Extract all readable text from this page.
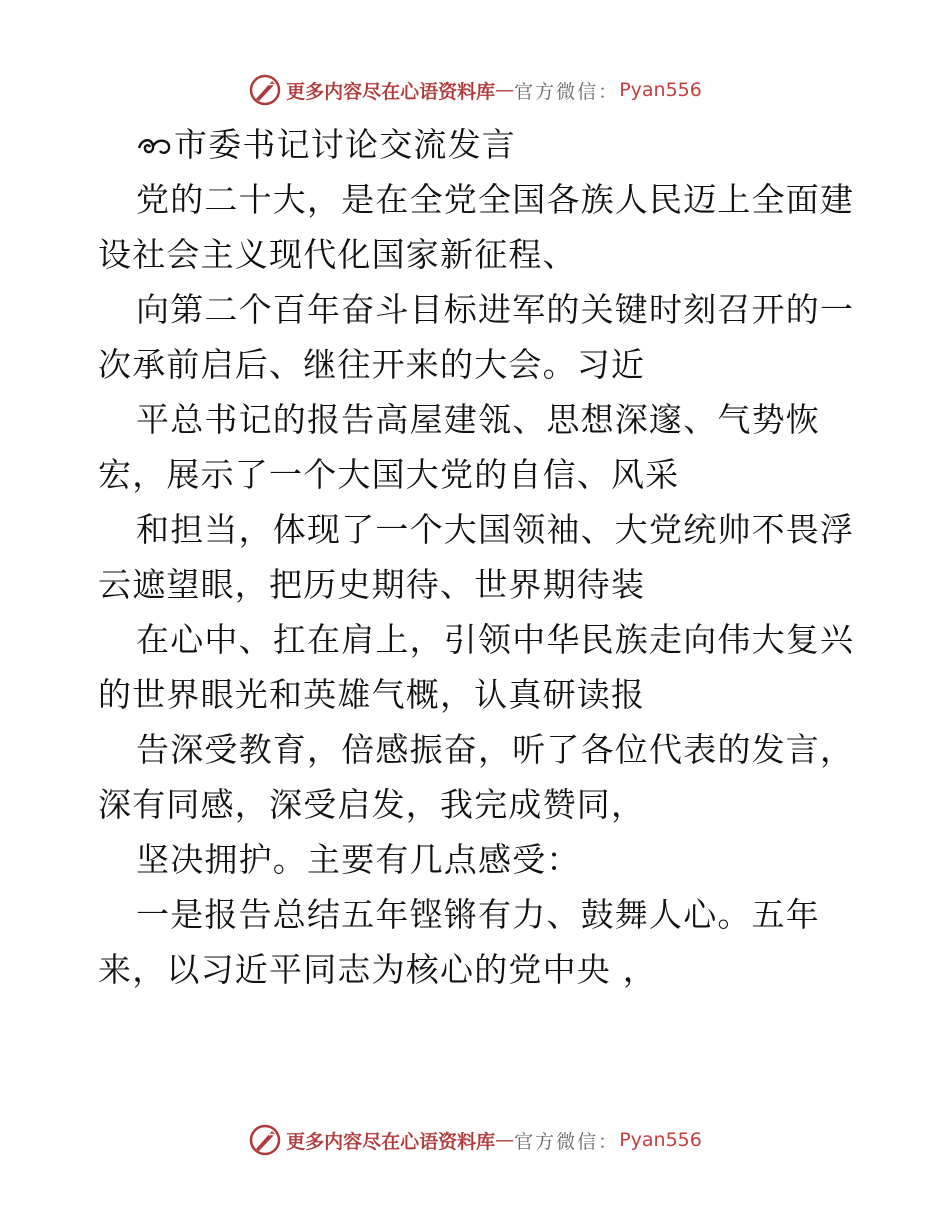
更多内容尽在心语资料库 — 官方微信： Pyan556
市委书记讨论交流发言
党的二十大，是在全党全国各族人民迈上全面建
设社会主义现代化国家新征程、
向第二个百年奋斗目标进军的关键时刻召开的一
次承前启后、继往开来的大会。习近
平总书记的报告高屋建瓴、思想深邃、气势恢
宏，展示了一个大国大党的自信、风采
和担当，体现了一个大国领袖、大党统帅不畏浮
云遮望眼，把历史期待、世界期待装
在心中、扛在肩上，引领中华民族走向伟大复兴
的世界眼光和英雄气概，认真研读报
告深受教育，倍感振奋，听了各位代表的发言，
深有同感，深受启发，我完成赞同，
坚决拥护。主要有几点感受：
一是报告总结五年铿锵有力、鼓舞人心。五年
来，以习近平同志为核心的党中央 ，
更多内容尽在心语资料库 — 官方微信： Pyan556
